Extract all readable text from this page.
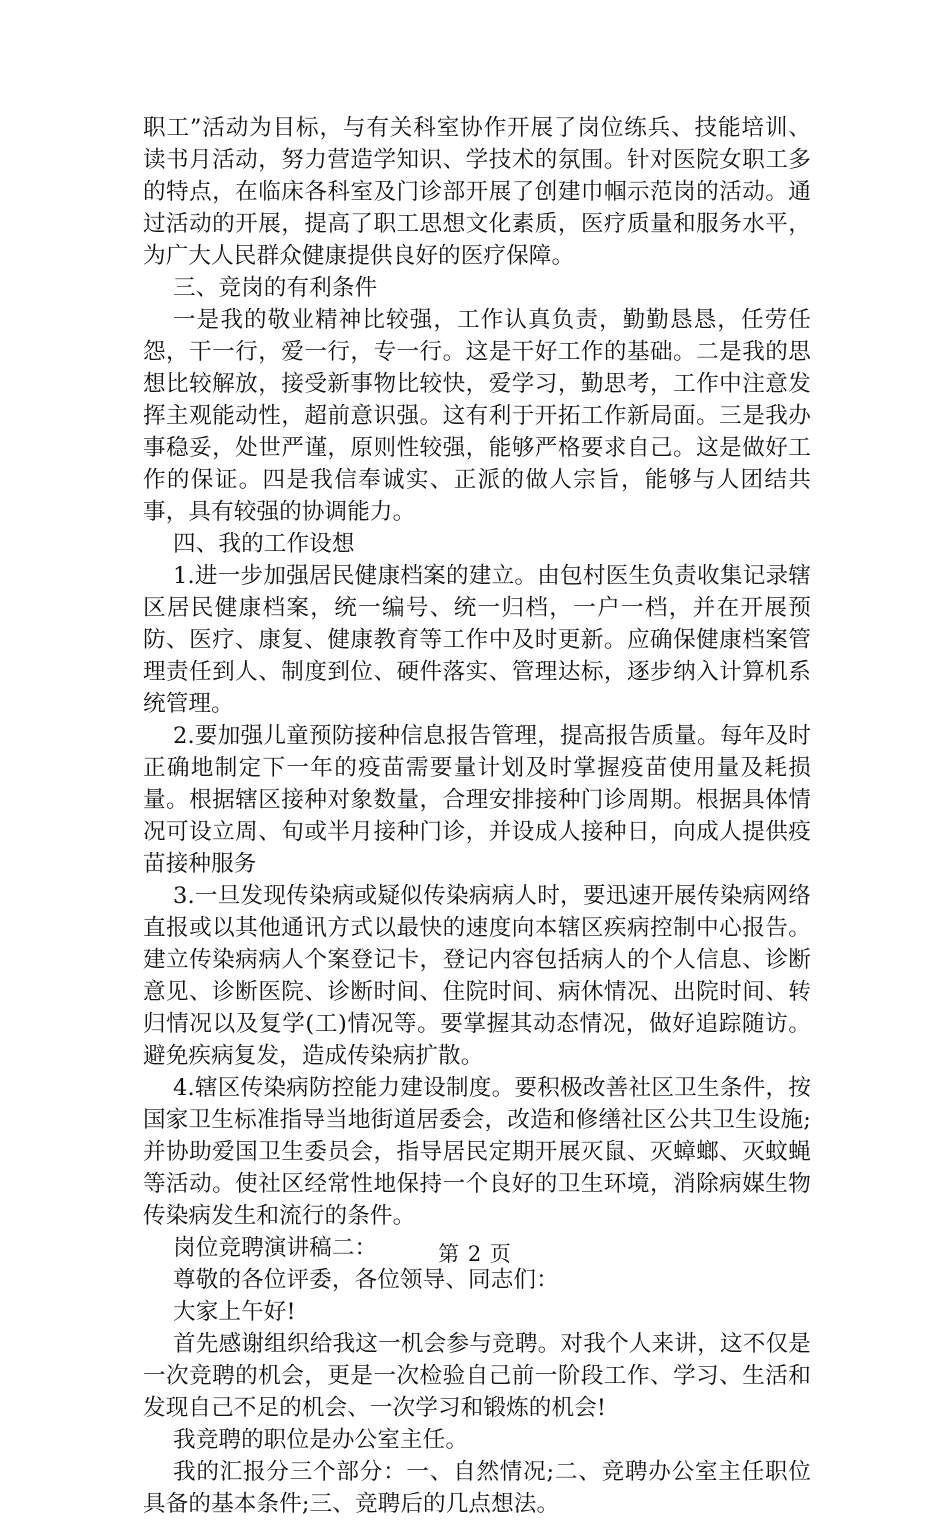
职工”活动为目标，与有关科室协作开展了岗位练兵、技能培训、读书月活动，努力营造学知识、学技术的氛围。针对医院女职工多的特点，在临床各科室及门诊部开展了创建巾帼示范岗的活动。通过活动的开展，提高了职工思想文化素质，医疗质量和服务水平，为广大人民群众健康提供良好的医疗保障。

三、竞岗的有利条件

一是我的敬业精神比较强，工作认真负责，勤勤恳恳，任劳任怨，干一行，爱一行，专一行。这是干好工作的基础。二是我的思想比较解放，接受新事物比较快，爱学习，勤思考，工作中注意发挥主观能动性，超前意识强。这有利于开拓工作新局面。三是我办事稳妥，处世严谨，原则性较强，能够严格要求自己。这是做好工作的保证。四是我信奉诚实、正派的做人宗旨，能够与人团结共事，具有较强的协调能力。

四、我的工作设想

1.进一步加强居民健康档案的建立。由包村医生负责收集记录辖区居民健康档案，统一编号、统一归档，一户一档，并在开展预防、医疗、康复、健康教育等工作中及时更新。应确保健康档案管理责任到人、制度到位、硬件落实、管理达标，逐步纳入计算机系统管理。

2.要加强儿童预防接种信息报告管理，提高报告质量。每年及时正确地制定下一年的疫苗需要量计划及时掌握疫苗使用量及耗损量。根据辖区接种对象数量，合理安排接种门诊周期。根据具体情况可设立周、旬或半月接种门诊，并设成人接种日，向成人提供疫苗接种服务

3.一旦发现传染病或疑似传染病病人时，要迅速开展传染病网络直报或以其他通讯方式以最快的速度向本辖区疾病控制中心报告。建立传染病病人个案登记卡，登记内容包括病人的个人信息、诊断意见、诊断医院、诊断时间、住院时间、病休情况、出院时间、转归情况以及复学(工)情况等。要掌握其动态情况，做好追踪随访。避免疾病复发，造成传染病扩散。

4.辖区传染病防控能力建设制度。要积极改善社区卫生条件，按国家卫生标准指导当地街道居委会，改造和修缮社区公共卫生设施;并协助爱国卫生委员会，指导居民定期开展灭鼠、灭蟑螂、灭蚊蝇等活动。使社区经常性地保持一个良好的卫生环境，消除病媒生物传染病发生和流行的条件。

岗位竞聘演讲稿二：

尊敬的各位评委，各位领导、同志们：

大家上午好!

首先感谢组织给我这一机会参与竞聘。对我个人来讲，这不仅是一次竞聘的机会，更是一次检验自己前一阶段工作、学习、生活和发现自己不足的机会、一次学习和锻炼的机会!

我竞聘的职位是办公室主任。

我的汇报分三个部分：一、自然情况;二、竞聘办公室主任职位具备的基本条件;三、竞聘后的几点想法。

第 2 页
